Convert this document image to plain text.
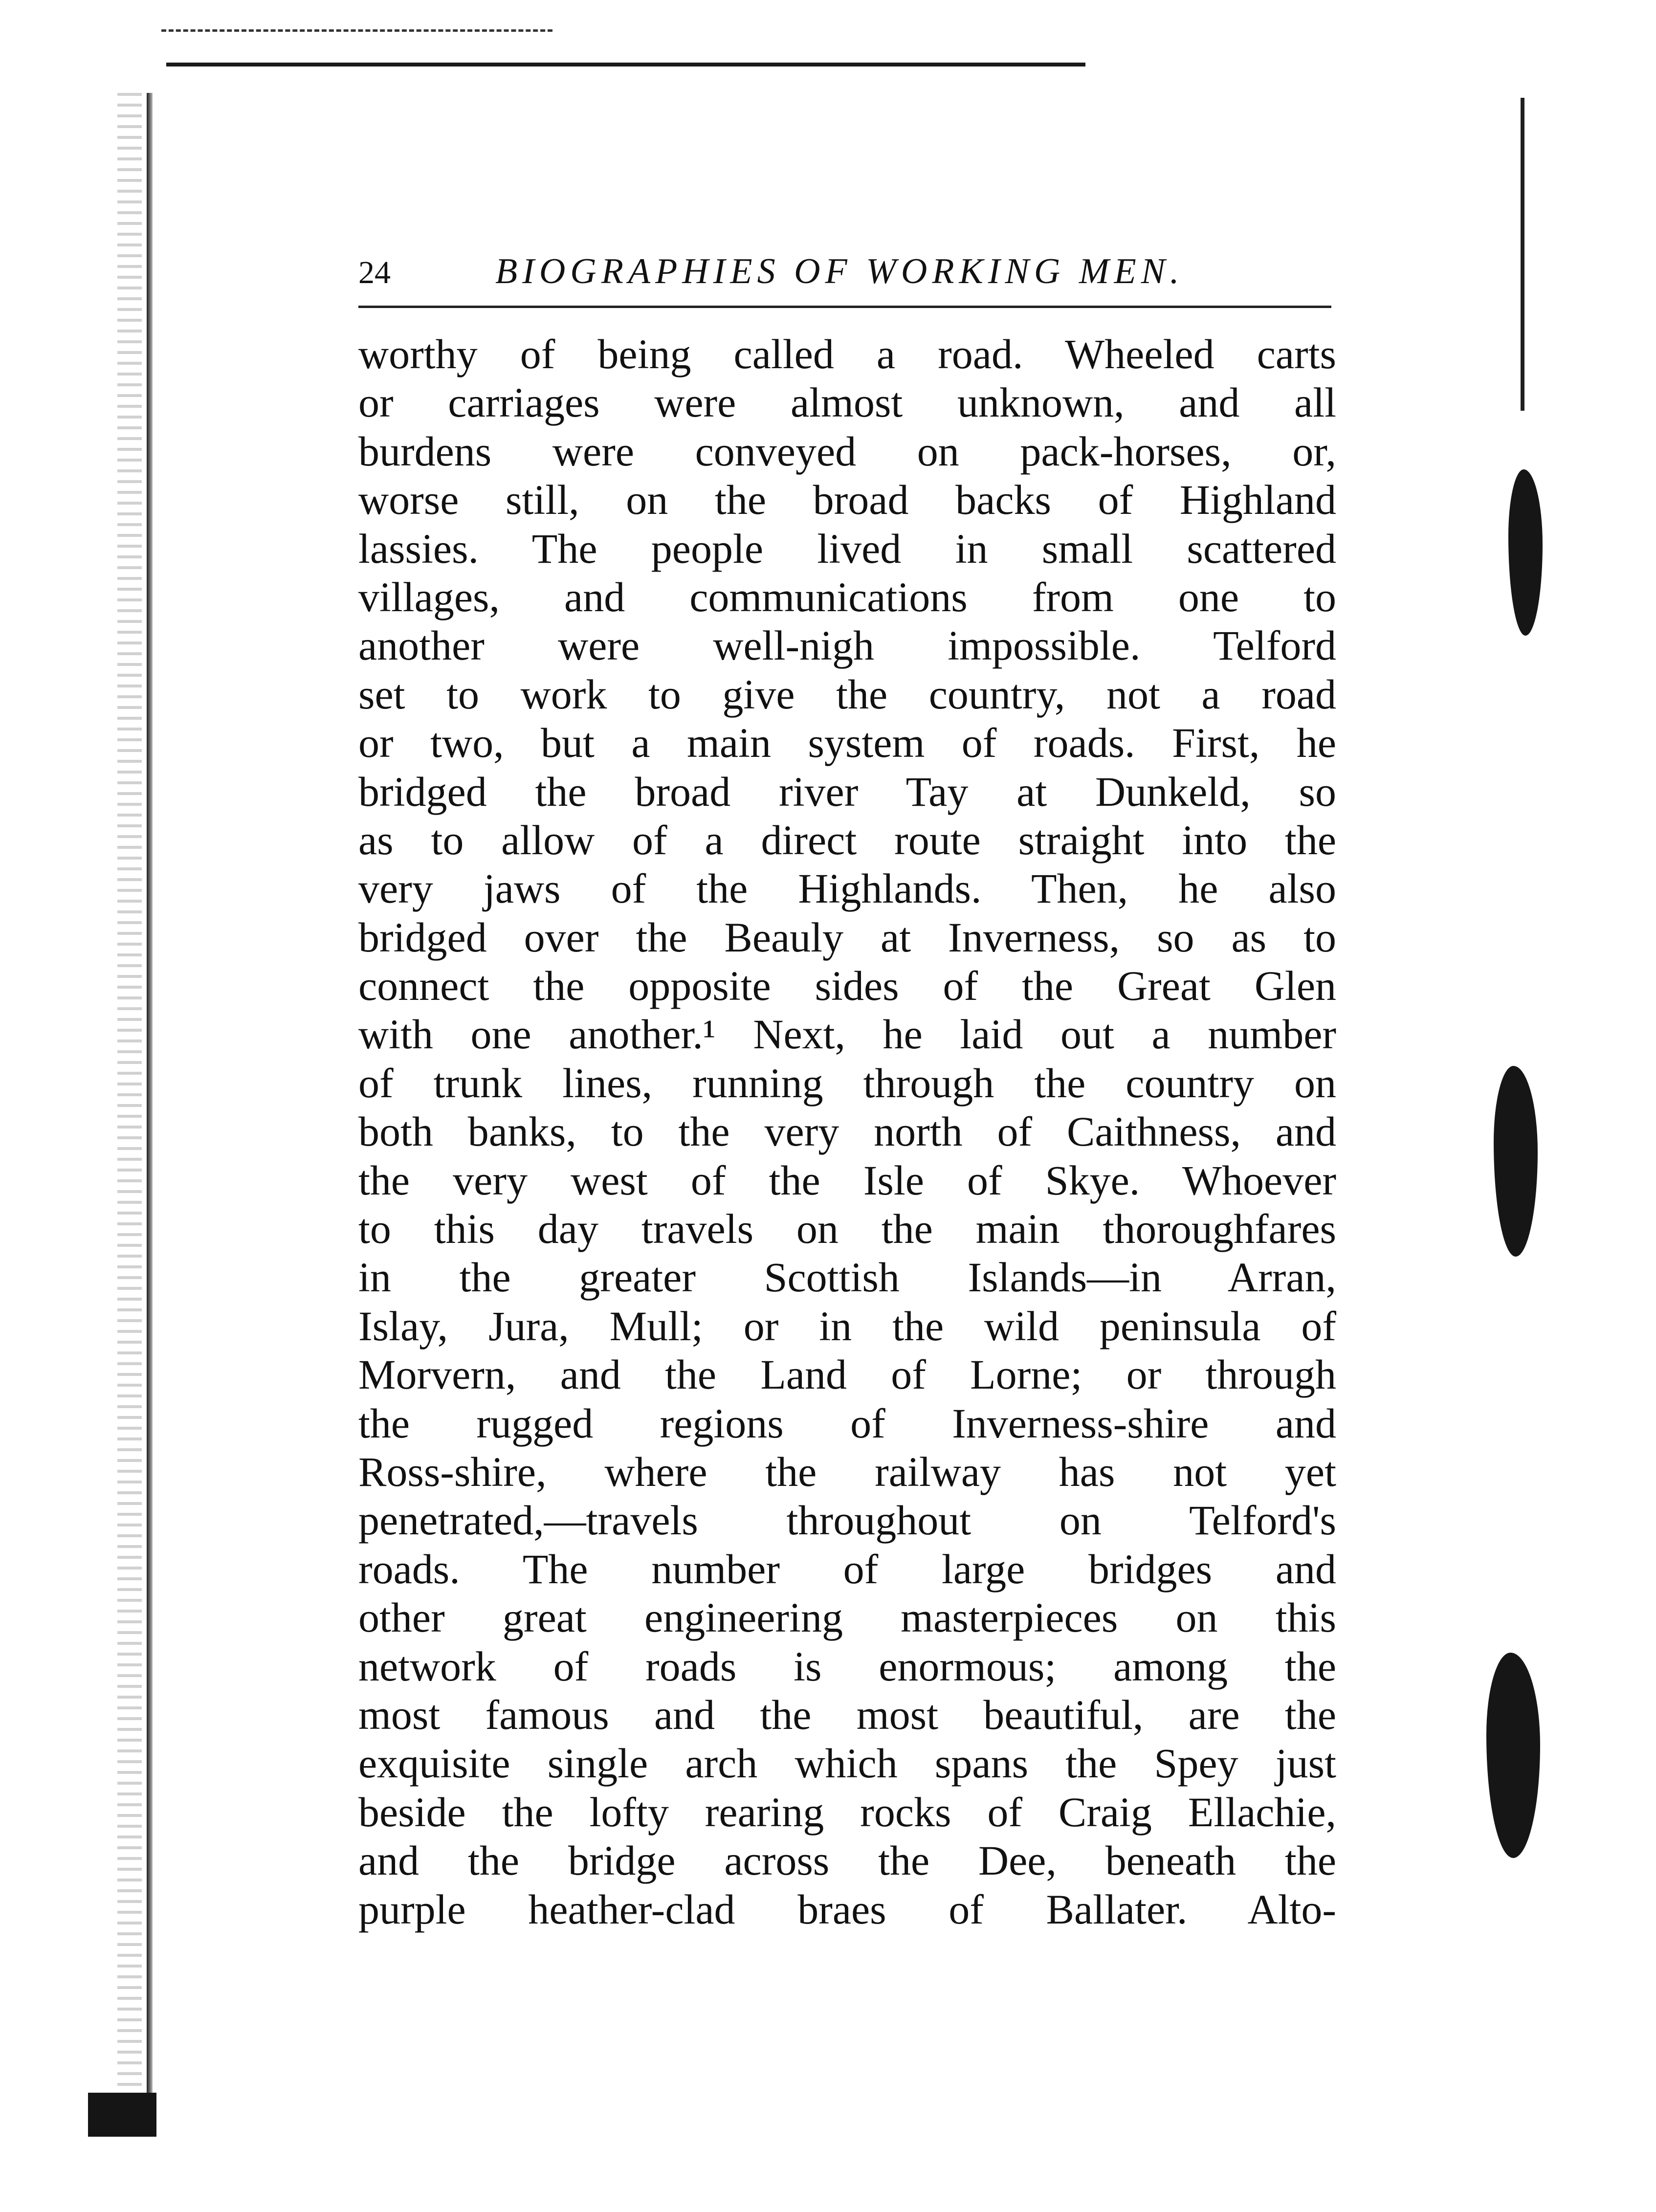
24	BIOGRAPHIES OF WORKING MEN.
worthy of being called a road. Wheeled carts
or carriages were almost unknown, and all
burdens were conveyed on pack-horses, or,
worse still, on the broad backs of Highland
lassies. The people lived in small scattered
villages, and communications from one to
another were well-nigh impossible. Telford
set to work to give the country, not a road
or two, but a main system of roads. First, he
bridged the broad river Tay at Dunkeld, so
as to allow of a direct route straight into the
very jaws of the Highlands. Then, he also
bridged over the Beauly at Inverness, so as to
connect the opposite sides of the Great Glen
with one another.¹ Next, he laid out a number
of trunk lines, running through the country on
both banks, to the very north of Caithness, and
the very west of the Isle of Skye. Whoever
to this day travels on the main thoroughfares
in the greater Scottish Islands—in Arran,
Islay, Jura, Mull; or in the wild peninsula of
Morvern, and the Land of Lorne; or through
the rugged regions of Inverness-shire and
Ross-shire, where the railway has not yet
penetrated,—travels throughout on Telford's
roads. The number of large bridges and
other great engineering masterpieces on this
network of roads is enormous; among the
most famous and the most beautiful, are the
exquisite single arch which spans the Spey just
beside the lofty rearing rocks of Craig Ellachie,
and the bridge across the Dee, beneath the
purple heather-clad braes of Ballater. Alto-
